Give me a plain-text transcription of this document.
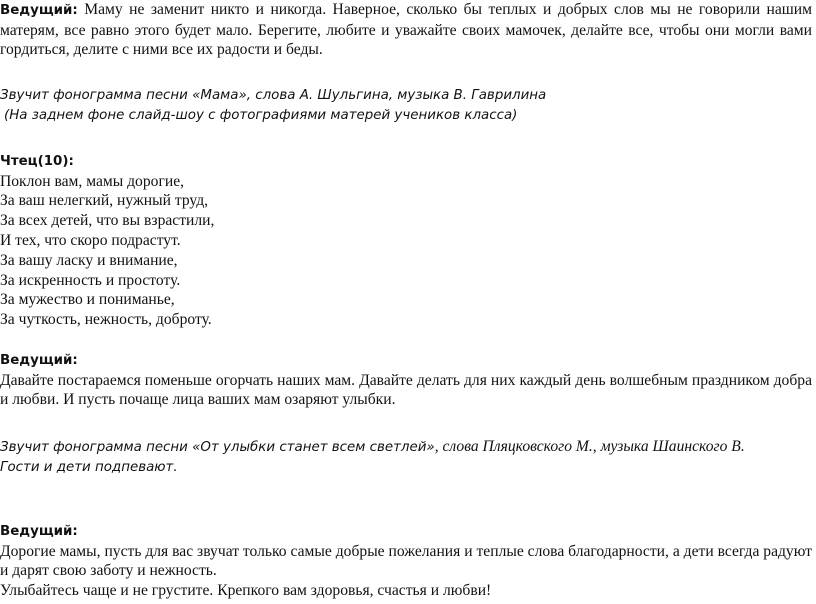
Ведущий: Маму не заменит никто и никогда. Наверное, сколько бы теплых и добрых слов мы не говорили нашим матерям, все равно этого будет мало. Берегите, любите и уважайте своих мамочек, делайте все, чтобы они могли вами гордиться, делите с ними все их радости и беды.
Звучит фонограмма песни «Мама», слова А. Шульгина, музыка В. Гаврилина
(На заднем фоне слайд-шоу с фотографиями матерей учеников класса)
Чтец(10):
Поклон вам, мамы дорогие,
За ваш нелегкий, нужный труд,
За всех детей, что вы взрастили,
И тех, что скоро подрастут.
За вашу ласку и внимание,
За искренность и простоту.
За мужество и пониманье,
За чуткость, нежность, доброту.
Ведущий:
Давайте постараемся поменьше огорчать наших мам. Давайте делать для них каждый день волшебным праздником добра и любви. И пусть почаще лица ваших мам озаряют улыбки.
Звучит фонограмма песни «От улыбки станет всем светлей», слова Пляцковского М., музыка Шаинского В.
Гости и дети подпевают.
Ведущий:
Дорогие мамы, пусть для вас звучат только самые добрые пожелания и теплые слова благодарности, а дети всегда радуют и дарят свою заботу и нежность.
Улыбайтесь чаще и не грустите. Крепкого вам здоровья, счастья и любви!
